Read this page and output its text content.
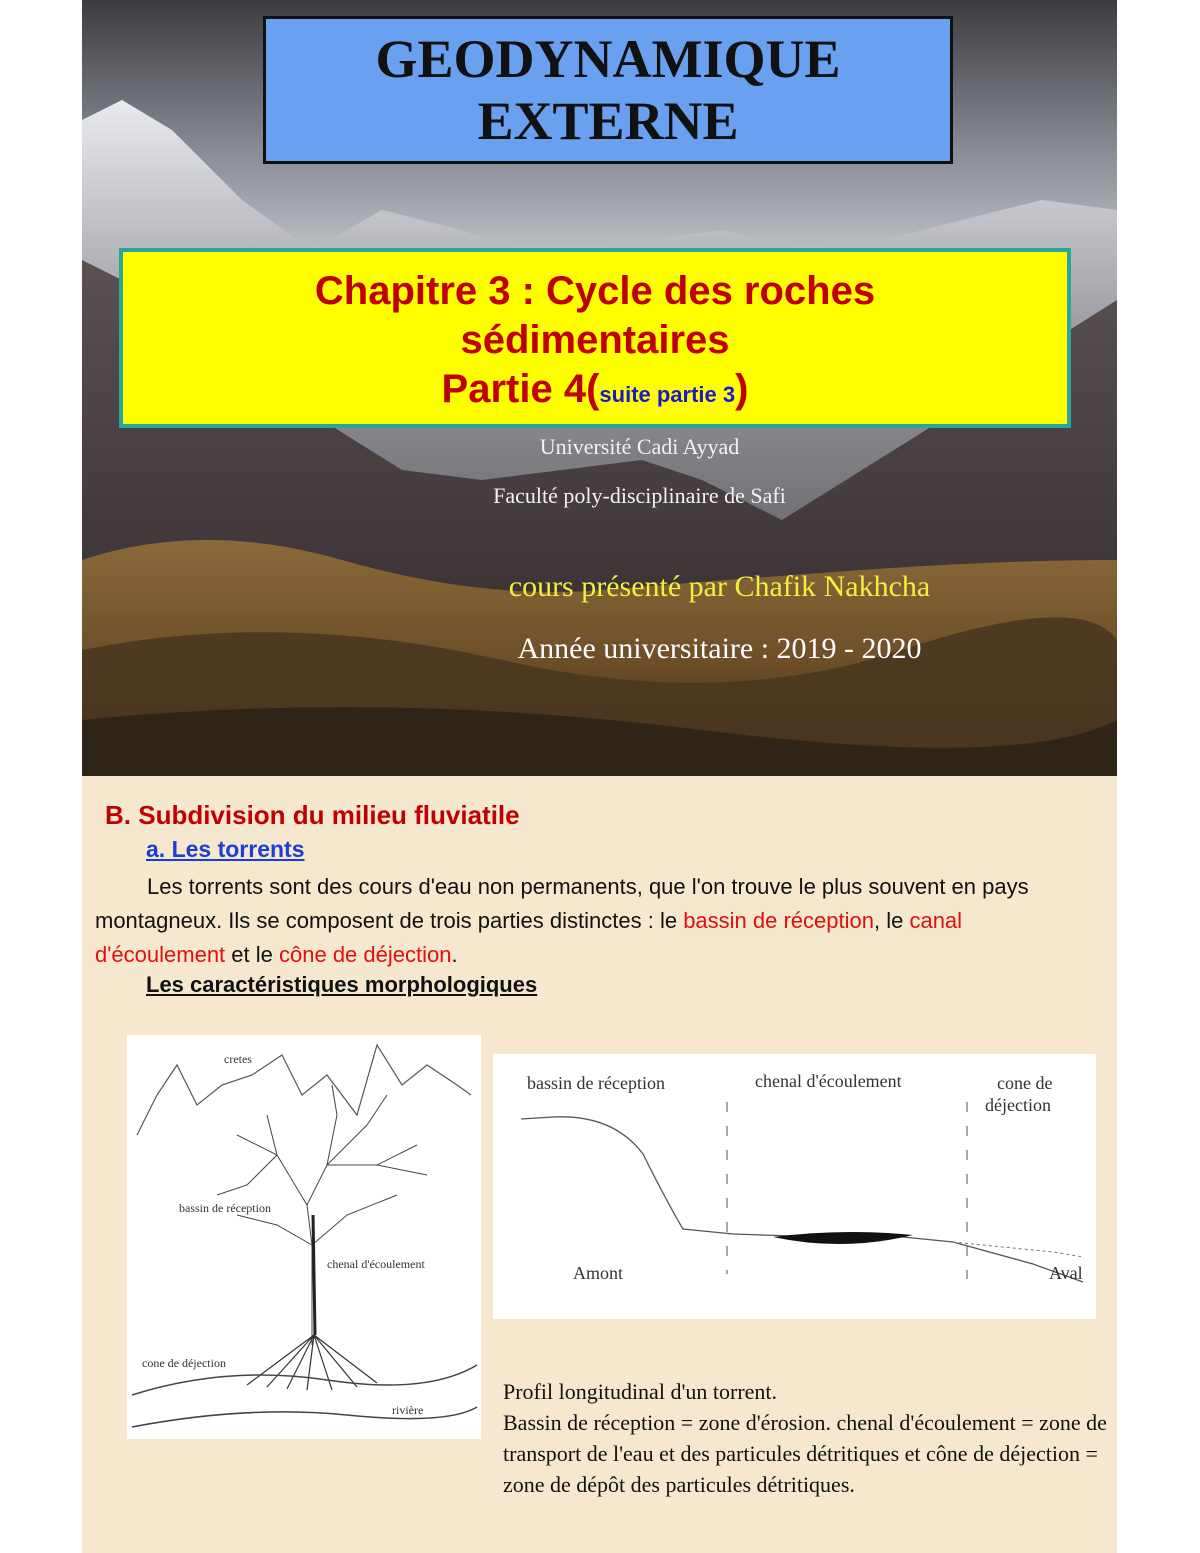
GEODYNAMIQUE
EXTERNE
Chapitre 3 : Cycle des roches
sédimentaires
Partie 4(suite partie 3)
Université Cadi Ayyad
Faculté poly-disciplinaire de Safi
cours présenté par Chafik Nakhcha
Année universitaire : 2019 - 2020
B. Subdivision du milieu fluviatile
a. Les torrents
Les torrents sont des cours d'eau non permanents, que l'on trouve le plus souvent en pays montagneux. Ils se composent de trois parties distinctes : le bassin de réception, le canal d'écoulement et le cône de déjection.
Les caractéristiques morphologiques
cretes
bassin de réception
chenal d'écoulement
cone de déjection
rivière
bassin de réception	chenal d'écoulement	cone de
déjection
Amont	Aval
Profil longitudinal d'un torrent.
Bassin de réception = zone d'érosion. chenal d'écoulement = zone de transport de l'eau et des particules détritiques et cône de déjection = zone de dépôt des particules détritiques.
